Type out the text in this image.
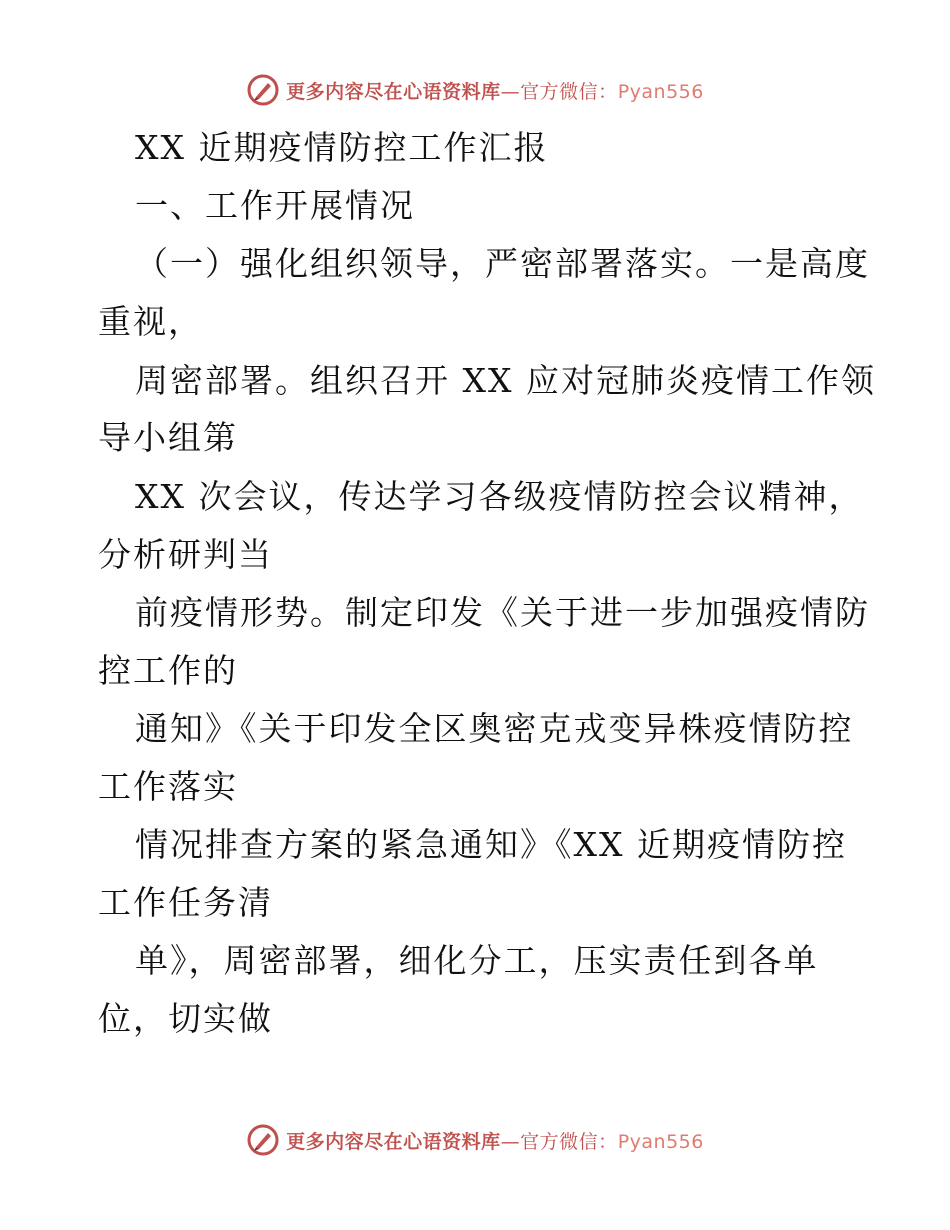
更多内容尽在心语资料库—官方微信：Pyan556
XX 近期疫情防控工作汇报
一、工作开展情况
（一）强化组织领导，严密部署落实。一是高度
重视，
周密部署。组织召开 XX 应对冠肺炎疫情工作领
导小组第
XX 次会议，传达学习各级疫情防控会议精神，
分析研判当
前疫情形势。制定印发《关于进一步加强疫情防
控工作的
通知》《关于印发全区奥密克戎变异株疫情防控
工作落实
情况排查方案的紧急通知》《XX 近期疫情防控
工作任务清
单》，周密部署，细化分工，压实责任到各单
位，切实做
更多内容尽在心语资料库—官方微信：Pyan556
